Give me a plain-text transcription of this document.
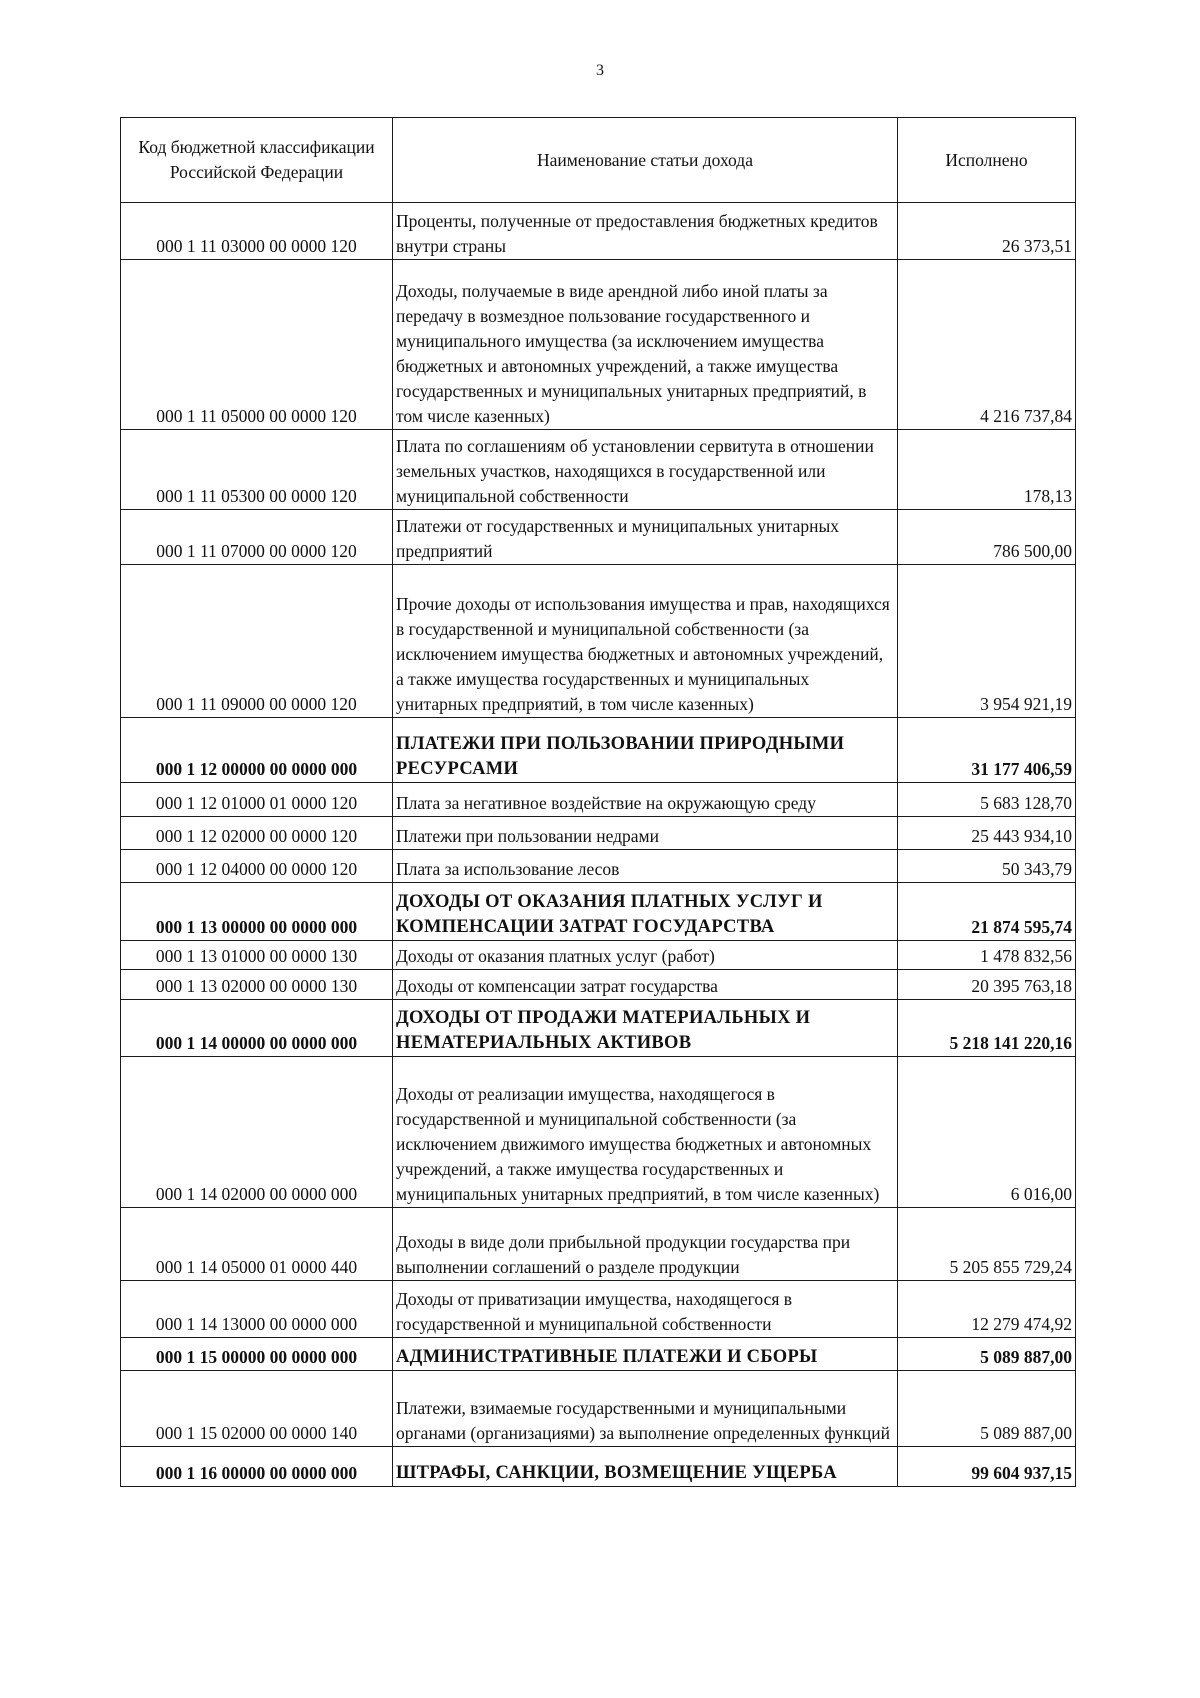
3
Код бюджетной классификации Российской Федерации	Наименование статьи дохода	Исполнено
000 1 11 03000 00 0000 120	Проценты, полученные от предоставления бюджетных кредитов внутри страны	26 373,51
000 1 11 05000 00 0000 120	Доходы, получаемые в виде арендной либо иной платы за передачу в возмездное пользование государственного и муниципального имущества (за исключением имущества бюджетных и автономных учреждений, а также имущества государственных и муниципальных унитарных предприятий, в том числе казенных)	4 216 737,84
000 1 11 05300 00 0000 120	Плата по соглашениям об установлении сервитута в отношении земельных участков, находящихся в государственной или муниципальной собственности	178,13
000 1 11 07000 00 0000 120	Платежи от государственных и муниципальных унитарных предприятий	786 500,00
000 1 11 09000 00 0000 120	Прочие доходы от использования имущества и прав, находящихся в государственной и муниципальной собственности (за исключением имущества бюджетных и автономных учреждений, а также имущества государственных и муниципальных унитарных предприятий, в том числе казенных)	3 954 921,19
000 1 12 00000 00 0000 000	ПЛАТЕЖИ ПРИ ПОЛЬЗОВАНИИ ПРИРОДНЫМИ РЕСУРСАМИ	31 177 406,59
000 1 12 01000 01 0000 120	Плата за негативное воздействие на окружающую среду	5 683 128,70
000 1 12 02000 00 0000 120	Платежи при пользовании недрами	25 443 934,10
000 1 12 04000 00 0000 120	Плата за использование лесов	50 343,79
000 1 13 00000 00 0000 000	ДОХОДЫ ОТ ОКАЗАНИЯ ПЛАТНЫХ УСЛУГ И КОМПЕНСАЦИИ ЗАТРАТ ГОСУДАРСТВА	21 874 595,74
000 1 13 01000 00 0000 130	Доходы от оказания платных услуг (работ)	1 478 832,56
000 1 13 02000 00 0000 130	Доходы от компенсации затрат государства	20 395 763,18
000 1 14 00000 00 0000 000	ДОХОДЫ ОТ ПРОДАЖИ МАТЕРИАЛЬНЫХ И НЕМАТЕРИАЛЬНЫХ АКТИВОВ	5 218 141 220,16
000 1 14 02000 00 0000 000	Доходы от реализации имущества, находящегося в государственной и муниципальной собственности (за исключением движимого имущества бюджетных и автономных учреждений, а также имущества государственных и муниципальных унитарных предприятий, в том числе казенных)	6 016,00
000 1 14 05000 01 0000 440	Доходы в виде доли прибыльной продукции государства при выполнении соглашений о разделе продукции	5 205 855 729,24
000 1 14 13000 00 0000 000	Доходы от приватизации имущества, находящегося в государственной и муниципальной собственности	12 279 474,92
000 1 15 00000 00 0000 000	АДМИНИСТРАТИВНЫЕ ПЛАТЕЖИ И СБОРЫ	5 089 887,00
000 1 15 02000 00 0000 140	Платежи, взимаемые государственными и муниципальными органами (организациями) за выполнение определенных функций	5 089 887,00
000 1 16 00000 00 0000 000	ШТРАФЫ, САНКЦИИ, ВОЗМЕЩЕНИЕ УЩЕРБА	99 604 937,15
